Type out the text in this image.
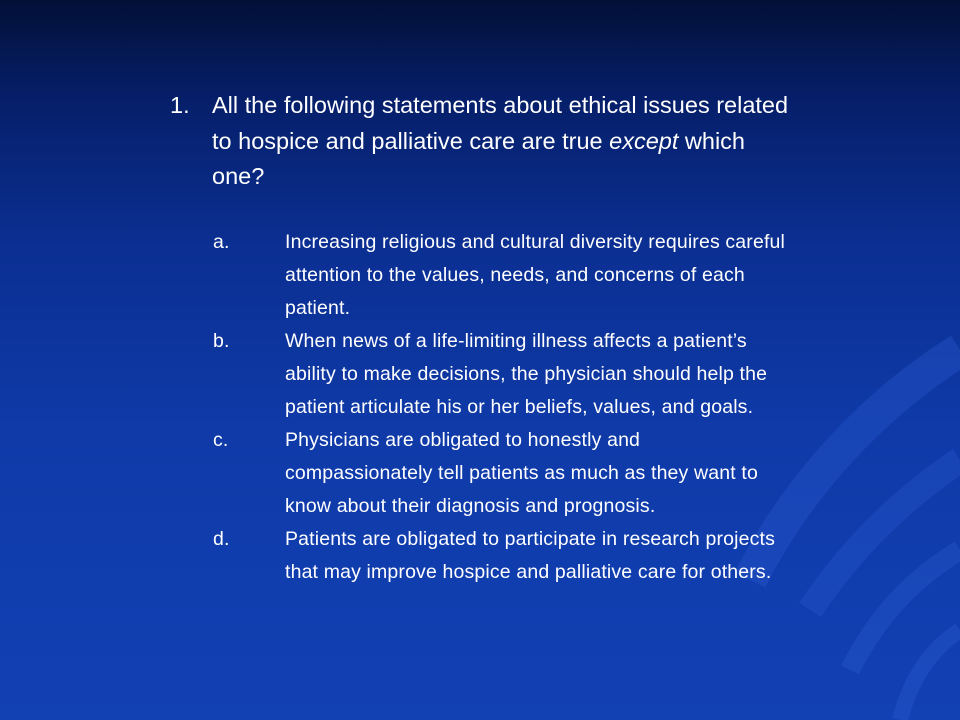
1. All the following statements about ethical issues related to hospice and palliative care are true except which one?
a.	Increasing religious and cultural diversity requires careful attention to the values, needs, and concerns of each patient.
b.	When news of a life-limiting illness affects a patient’s ability to make decisions, the physician should help the patient articulate his or her beliefs, values, and goals.
c.	Physicians are obligated to honestly and compassionately tell patients as much as they want to know about their diagnosis and prognosis.
d.	Patients are obligated to participate in research projects that may improve hospice and palliative care for others.
